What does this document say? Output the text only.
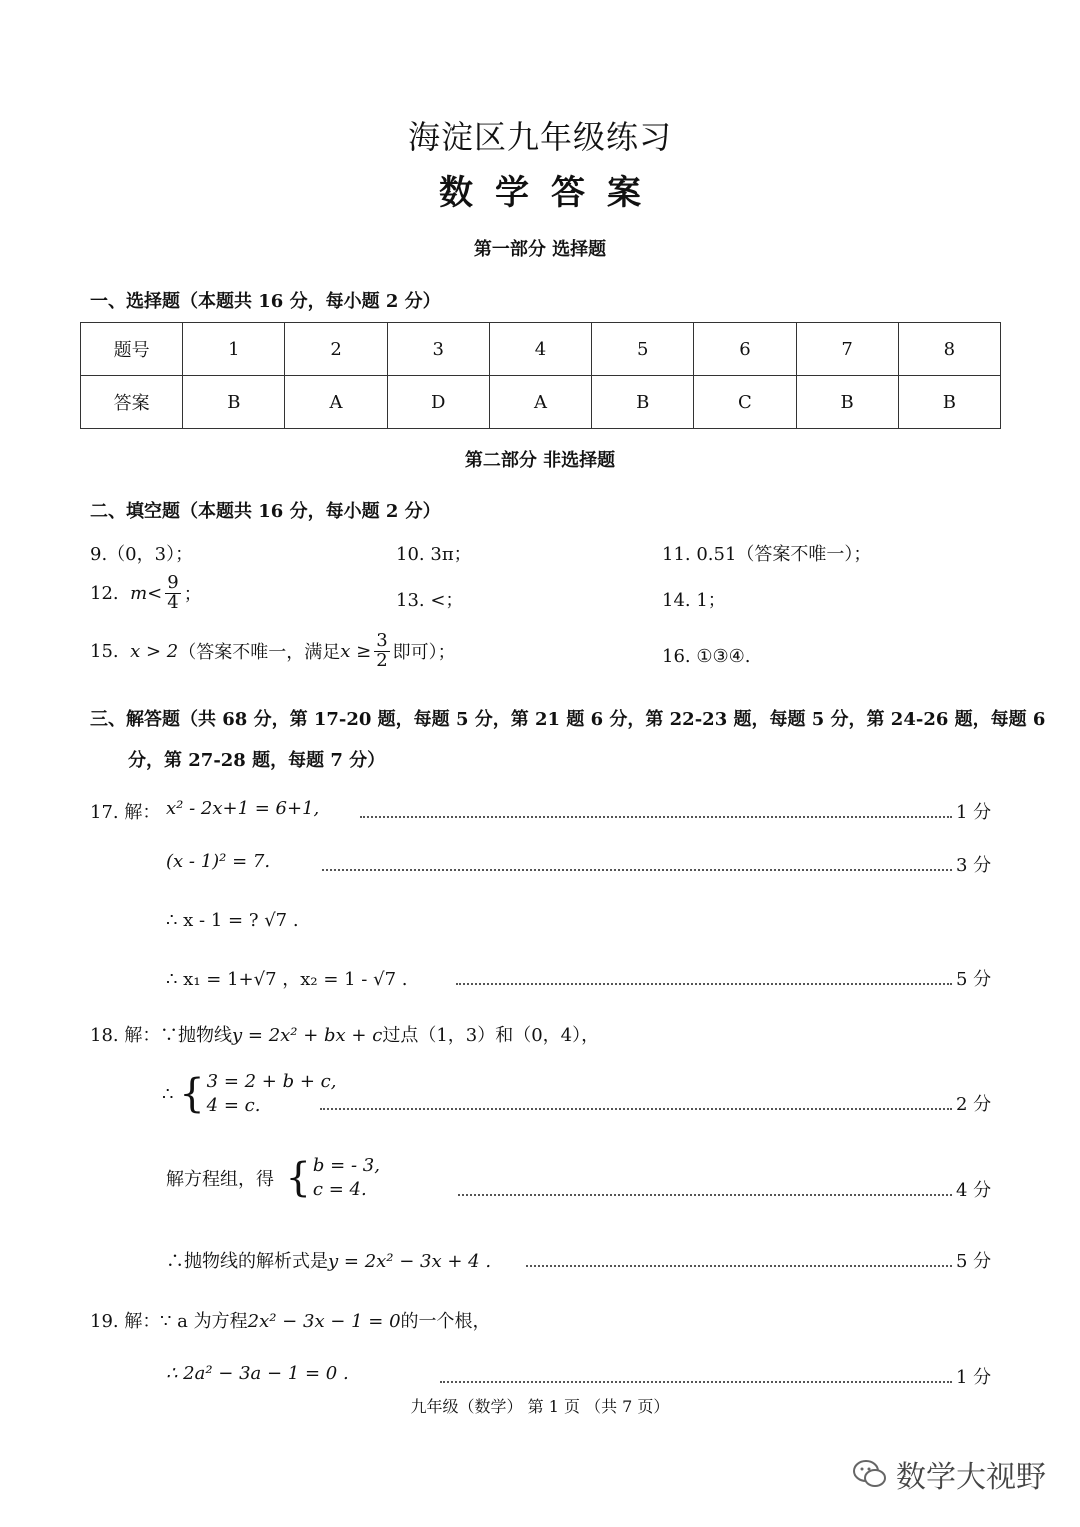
海淀区九年级练习
数学答案
第一部分 选择题
一、选择题（本题共 16 分，每小题 2 分）
题号	1	2	3	4	5	6	7	8
答案	B	A	D	A	B	C	B	B
第二部分 非选择题
二、填空题（本题共 16 分，每小题 2 分）
9.（0，3）；	10. 3π；	11. 0.51（答案不唯一）；
12.
$m < \frac{9}{4}$ ；	13. <；	14. 1；
15.
x > 2 （答案不唯一，满足 x
≥ $\frac{3}{2}$ 即可）；	16. ①③④.
三、解答题（共 68 分，第 17-20 题，每题 5 分，第 21 题 6 分，第 22-23 题，每题 5 分，第 24-26 题，每题 6
分，第 27-28 题，每题 7 分）
17. 解： x² - 2x+1 = 6+1,	1 分
(x - 1)² = 7.	3 分
∴ x - 1 = ? √7 .
∴ x₁ = 1+√7 ，x₂ = 1 - √7 .	5 分
18. 解： ∵抛物线y = 2x² + bx + c过点（1，3）和（0，4），
∴
{ 3 = 2 + b + c,
4 = c.	2 分
解方程组，得
{ b = - 3,
c = 4.	4 分
∴抛物线的解析式是y = 2x² − 3x + 4 .	5 分
19. 解： ∵ a 为方程2x² − 3x − 1 = 0的一个根，
∴ 2a² − 3a − 1 = 0 .	1 分
九年级（数学） 第 1 页 （共 7 页）
数学大视野
